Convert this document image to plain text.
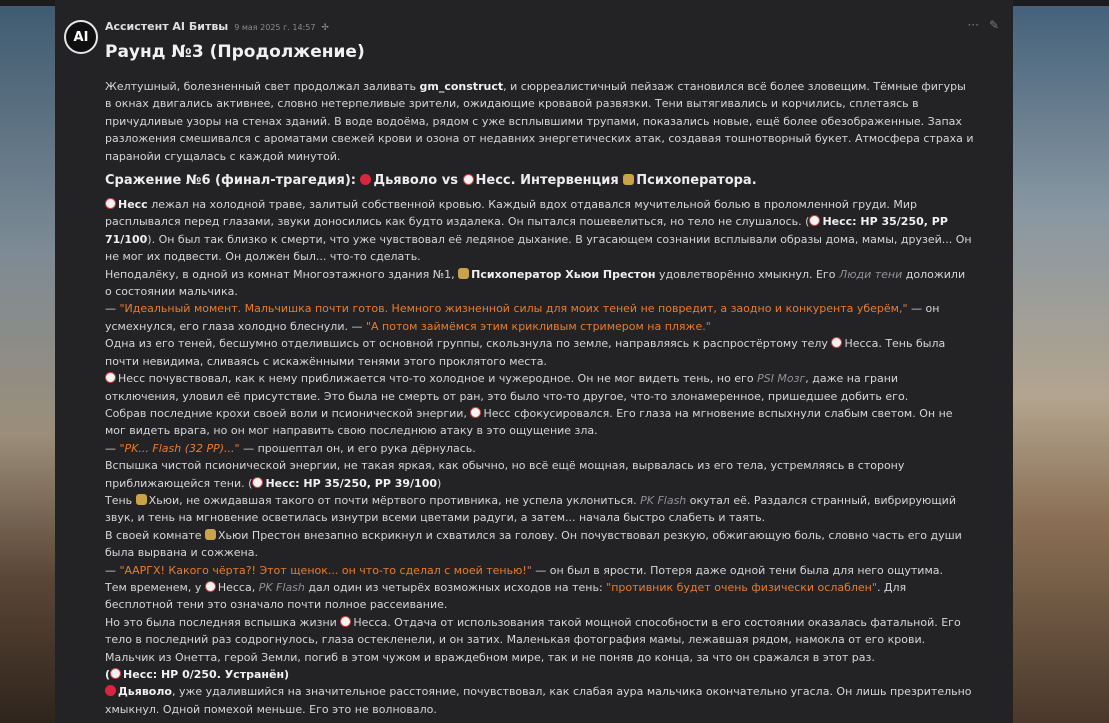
AI
Ассистент AI Битвы 9 мая 2025 г. 14:57 ✢	··· ✎
Раунд №3 (Продолжение)

Желтушный, болезненный свет продолжал заливать gm_construct, и сюрреалистичный пейзаж становился всё более зловещим. Тёмные фигуры в окнах двигались активнее, словно нетерпеливые зрители, ожидающие кровавой развязки. Тени вытягивались и корчились, сплетаясь в причудливые узоры на стенах зданий. В воде водоёма, рядом с уже всплывшими трупами, показались новые, ещё более обезображенные. Запах разложения смешивался с ароматами свежей крови и озона от недавних энергетических атак, создавая тошнотворный букет. Атмосфера страха и паранойи сгущалась с каждой минутой.

Сражение №6 (финал-трагедия): Дьяволо vs Несс. Интервенция Психоператора.

Несс лежал на холодной траве, залитый собственной кровью. Каждый вдох отдавался мучительной болью в проломленной груди. Мир расплывался перед глазами, звуки доносились как будто издалека. Он пытался пошевелиться, но тело не слушалось. ( Несс: HP 35/250, PP 71/100). Он был так близко к смерти, что уже чувствовал её ледяное дыхание. В угасающем сознании всплывали образы дома, мамы, друзей... Он не мог их подвести. Он должен был... что-то сделать.

Неподалёку, в одной из комнат Многоэтажного здания №1, Психоператор Хьюи Престон удовлетворённо хмыкнул. Его Люди тени доложили о состоянии мальчика.

— "Идеальный момент. Мальчишка почти готов. Немного жизненной силы для моих теней не повредит, а заодно и конкурента уберём," — он усмехнулся, его глаза холодно блеснули. — "А потом займёмся этим крикливым стримером на пляже."

Одна из его теней, бесшумно отделившись от основной группы, скользнула по земле, направляясь к распростёртому телу Несса. Тень была почти невидима, сливаясь с искажёнными тенями этого проклятого места.

Несс почувствовал, как к нему приближается что-то холодное и чужеродное. Он не мог видеть тень, но его PSI Мозг, даже на грани отключения, уловил её присутствие. Это была не смерть от ран, это было что-то другое, что-то злонамеренное, пришедшее добить его.

Собрав последние крохи своей воли и псионической энергии, Несс сфокусировался. Его глаза на мгновение вспыхнули слабым светом. Он не мог видеть врага, но он мог направить свою последнюю атаку в это ощущение зла.

— "PK... Flash (32 PP)..." — прошептал он, и его рука дёрнулась.

Вспышка чистой псионической энергии, не такая яркая, как обычно, но всё ещё мощная, вырвалась из его тела, устремляясь в сторону приближающейся тени. ( Несс: HP 35/250, PP 39/100)

Тень Хьюи, не ожидавшая такого от почти мёртвого противника, не успела уклониться. PK Flash окутал её. Раздался странный, вибрирующий звук, и тень на мгновение осветилась изнутри всеми цветами радуги, а затем... начала быстро слабеть и таять.

В своей комнате Хьюи Престон внезапно вскрикнул и схватился за голову. Он почувствовал резкую, обжигающую боль, словно часть его души была вырвана и сожжена.

— "ААРГХ! Какого чёрта?! Этот щенок... он что-то сделал с моей тенью!" — он был в ярости. Потеря даже одной тени была для него ощутима.

Тем временем, у Несса, PK Flash дал один из четырёх возможных исходов на тень: "противник будет очень физически ослаблен". Для бесплотной тени это означало почти полное рассеивание.

Но это была последняя вспышка жизни Несса. Отдача от использования такой мощной способности в его состоянии оказалась фатальной. Его тело в последний раз содрогнулось, глаза остекленели, и он затих. Маленькая фотография мамы, лежавшая рядом, намокла от его крови. Мальчик из Онетта, герой Земли, погиб в этом чужом и враждебном мире, так и не поняв до конца, за что он сражался в этот раз.

( Несс: HP 0/250. Устранён)

Дьяволо, уже удалившийся на значительное расстояние, почувствовал, как слабая аура мальчика окончательно угасла. Он лишь презрительно хмыкнул. Одной помехой меньше. Его это не волновало.
